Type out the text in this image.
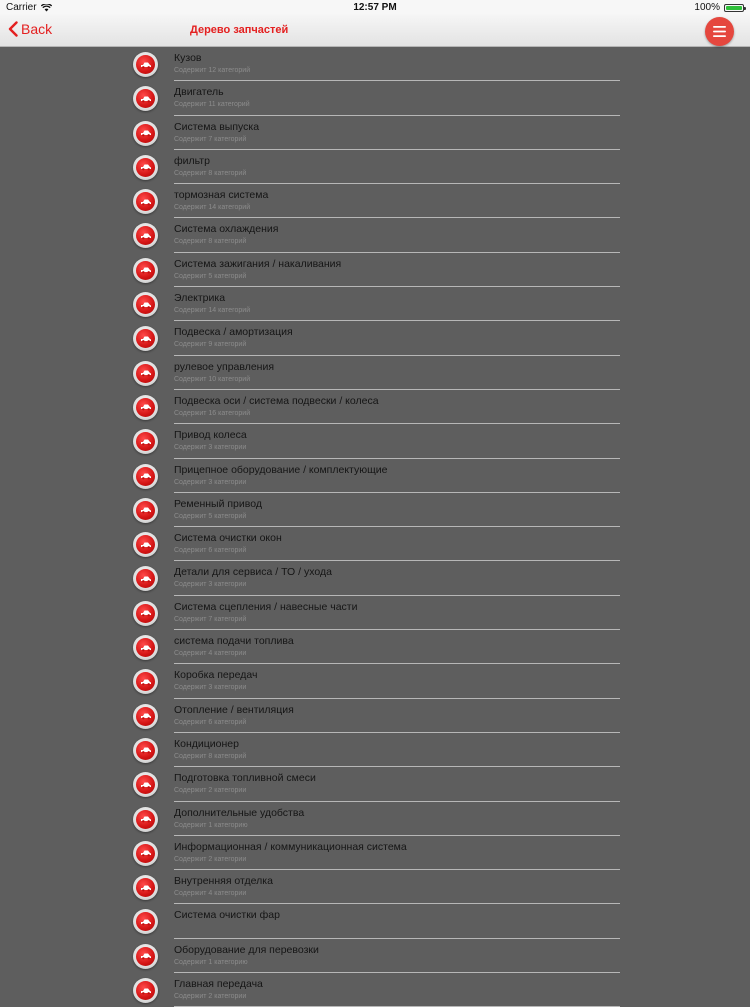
Carrier	12:57 PM	100%
Back	Дерево запчастей
Кузов
Содержит 12 категорий
Двигатель
Содержит 11 категорий
Система выпуска
Содержит 7 категорий
фильтр
Содержит 8 категорий
тормозная система
Содержит 14 категорий
Система охлаждения
Содержит 8 категорий
Система зажигания / накаливания
Содержит 5 категорий
Электрика
Содержит 14 категорий
Подвеска / амортизация
Содержит 9 категорий
рулевое управления
Содержит 10 категорий
Подвеска оси / система подвески / колеса
Содержит 16 категорий
Привод колеса
Содержит 3 категории
Прицепное оборудование / комплектующие
Содержит 3 категории
Ременный привод
Содержит 5 категорий
Система очистки окон
Содержит 6 категорий
Детали для сервиса / ТО / ухода
Содержит 3 категории
Система сцепления / навесные части
Содержит 7 категорий
система подачи топлива
Содержит 4 категории
Коробка передач
Содержит 3 категории
Отопление / вентиляция
Содержит 6 категорий
Кондиционер
Содержит 8 категорий
Подготовка топливной смеси
Содержит 2 категории
Дополнительные удобства
Содержит 1 категорию
Информационная / коммуникационная система
Содержит 2 категории
Внутренняя отделка
Содержит 4 категории
Система очистки фар
Оборудование для перевозки
Содержит 1 категорию
Главная передача
Содержит 2 категории
